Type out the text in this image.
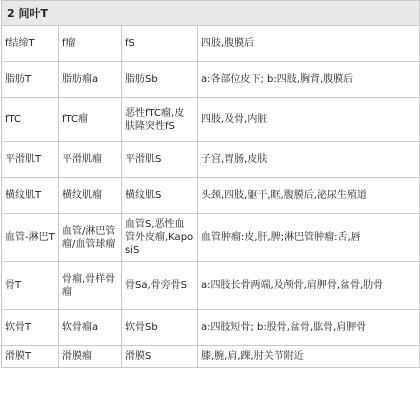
2 间叶T			
f结缔T	f瘤	fS	四肢,腹膜后
脂肪T	脂肪瘤a	脂肪Sb	a:各部位皮下; b:四肢,胸背,腹膜后
fTC	fTC瘤	恶性fTC瘤,皮肤隆突性fS	四肢,及骨,内脏
平滑肌T	平滑肌瘤	平滑肌S	子宫,胃肠,皮肤
横纹肌T	横纹肌瘤	横纹肌S	头颈,四肢,躯干,眶,腹膜后,泌尿生殖道
血管-淋巴T	血管/淋巴管瘤/血管球瘤	血管S,恶性血管外皮瘤,KaposiS	血管肿瘤:皮,肝,脾;淋巴管肿瘤:舌,唇
骨T	骨瘤,骨样骨瘤	骨Sa,骨旁骨S	a:四肢长骨两端,及颅骨,肩胛骨,盆骨,肋骨
软骨T	软骨瘤a	软骨Sb	a:四肢短骨; b:股骨,盆骨,肱骨,肩胛骨
滑膜T	滑膜瘤	滑膜S	膝,腕,肩,踝,肘关节附近
